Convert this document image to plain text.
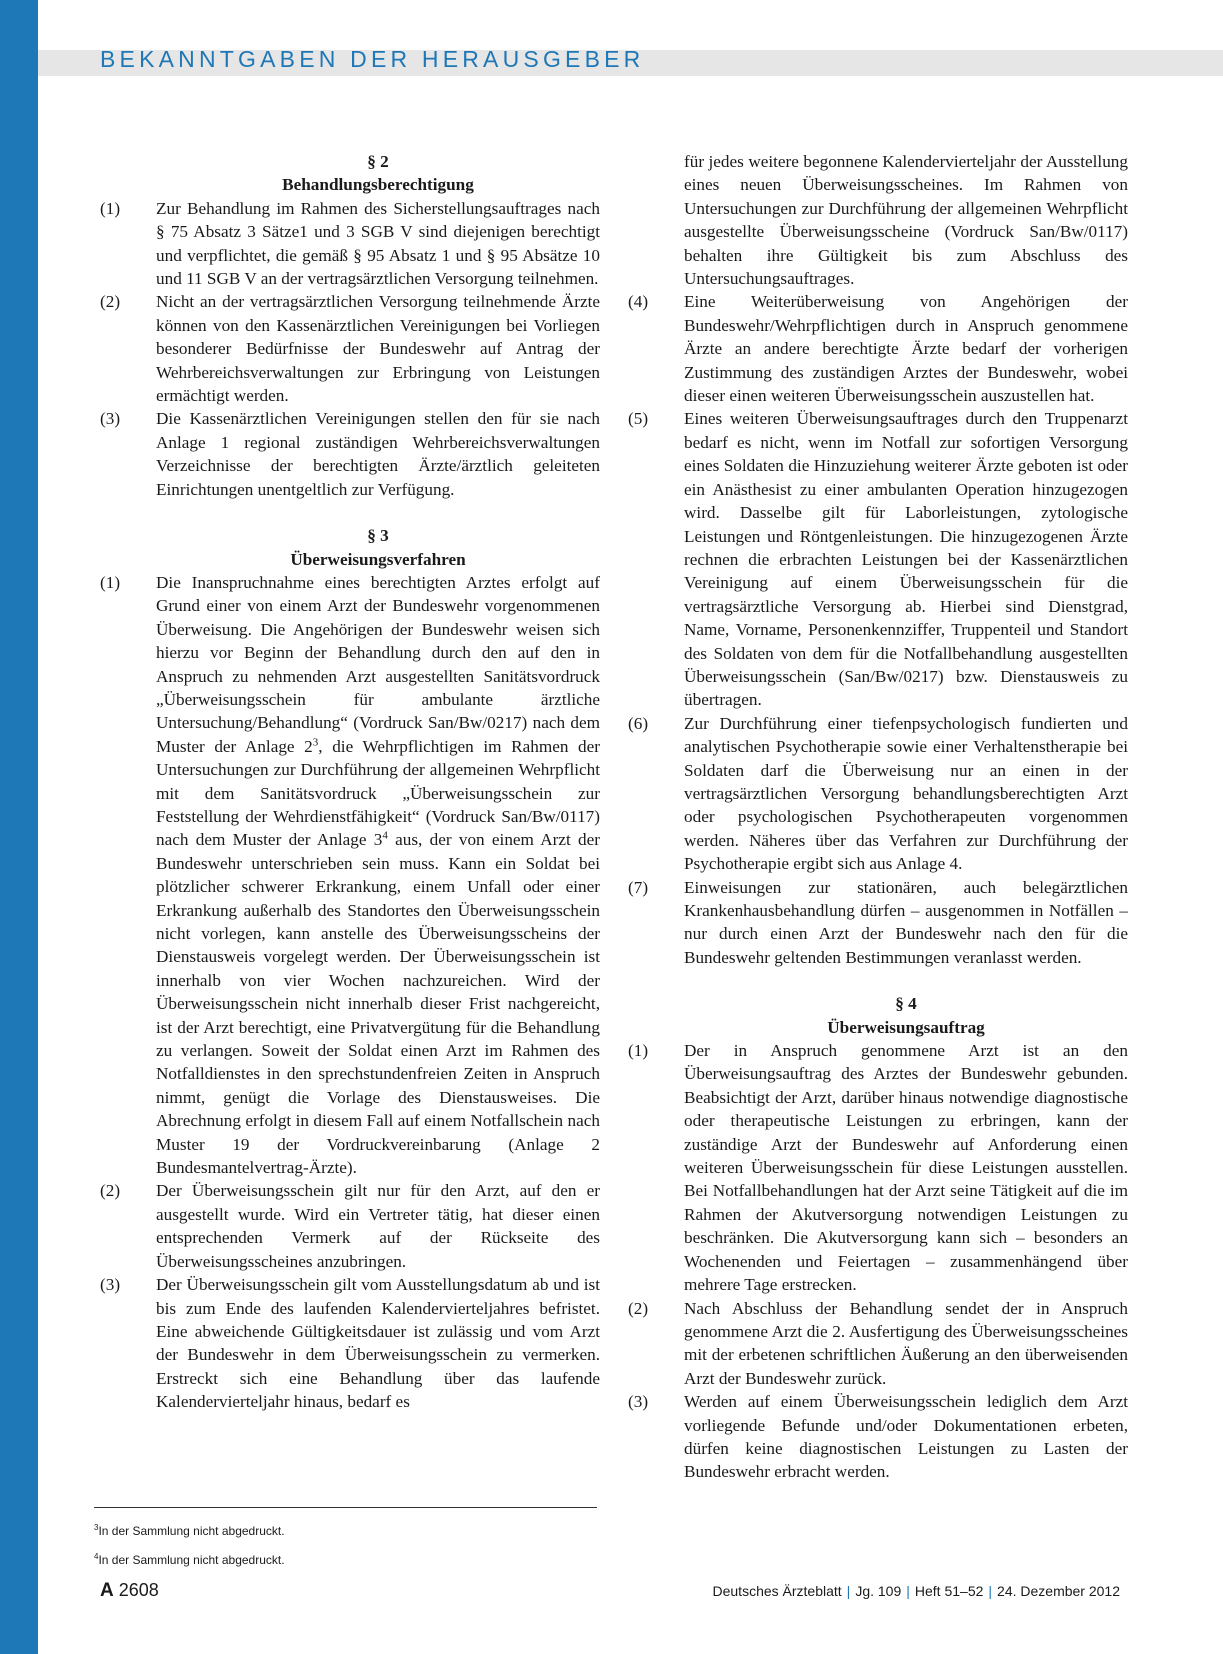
BEKANNTGABEN DER HERAUSGEBER
§ 2
Behandlungsberechtigung
(1)	Zur Behandlung im Rahmen des Sicherstellungsauftrages nach § 75 Absatz 3 Sätze1 und 3 SGB V sind diejenigen berechtigt und verpflichtet, die gemäß § 95 Absatz 1 und § 95 Absätze 10 und 11 SGB V an der vertragsärztlichen Versorgung teilnehmen.
(2)	Nicht an der vertragsärztlichen Versorgung teilnehmende Ärzte können von den Kassenärztlichen Vereinigungen bei Vorliegen besonderer Bedürfnisse der Bundeswehr auf Antrag der Wehrbereichsverwaltungen zur Erbringung von Leistungen ermächtigt werden.
(3)	Die Kassenärztlichen Vereinigungen stellen den für sie nach Anlage 1 regional zuständigen Wehrbereichsverwaltungen Verzeichnisse der berechtigten Ärzte/ärztlich geleiteten Einrichtungen unentgeltlich zur Verfügung.
§ 3
Überweisungsverfahren
(1)	Die Inanspruchnahme eines berechtigten Arztes erfolgt auf Grund einer von einem Arzt der Bundeswehr vorgenommenen Überweisung. Die Angehörigen der Bundeswehr weisen sich hierzu vor Beginn der Behandlung durch den auf den in Anspruch zu nehmenden Arzt ausgestellten Sanitätsvordruck „Überweisungsschein für ambulante ärztliche Untersuchung/Behandlung“ (Vordruck San/Bw/0217) nach dem Muster der Anlage $2^3$, die Wehrpflichtigen im Rahmen der Untersuchungen zur Durchführung der allgemeinen Wehrpflicht mit dem Sanitätsvordruck „Überweisungsschein zur Feststellung der Wehrdienstfähigkeit“ (Vordruck San/Bw/0117) nach dem Muster der Anlage $3^4$ aus, der von einem Arzt der Bundeswehr unterschrieben sein muss. Kann ein Soldat bei plötzlicher schwerer Erkrankung, einem Unfall oder einer Erkrankung außerhalb des Standortes den Überweisungsschein nicht vorlegen, kann anstelle des Überweisungsscheins der Dienstausweis vorgelegt werden. Der Überweisungsschein ist innerhalb von vier Wochen nachzureichen. Wird der Überweisungsschein nicht innerhalb dieser Frist nachgereicht, ist der Arzt berechtigt, eine Privatvergütung für die Behandlung zu verlangen. Soweit der Soldat einen Arzt im Rahmen des Notfalldienstes in den sprechstundenfreien Zeiten in Anspruch nimmt, genügt die Vorlage des Dienstausweises. Die Abrechnung erfolgt in diesem Fall auf einem Notfallschein nach Muster 19 der Vordruckvereinbarung (Anlage 2 Bundesmantelvertrag-Ärzte).
(2)	Der Überweisungsschein gilt nur für den Arzt, auf den er ausgestellt wurde. Wird ein Vertreter tätig, hat dieser einen entsprechenden Vermerk auf der Rückseite des Überweisungsscheines anzubringen.
(3)	Der Überweisungsschein gilt vom Ausstellungsdatum ab und ist bis zum Ende des laufenden Kalendervierteljahres befristet. Eine abweichende Gültigkeitsdauer ist zulässig und vom Arzt der Bundeswehr in dem Überweisungsschein zu vermerken. Erstreckt sich eine Behandlung über das laufende Kalendervierteljahr hinaus, bedarf es
für jedes weitere begonnene Kalendervierteljahr der Ausstellung eines neuen Überweisungsscheines. Im Rahmen von Untersuchungen zur Durchführung der allgemeinen Wehrpflicht ausgestellte Überweisungsscheine (Vordruck San/Bw/0117) behalten ihre Gültigkeit bis zum Abschluss des Untersuchungsauftrages.
(4)	Eine Weiterüberweisung von Angehörigen der Bundeswehr/Wehrpflichtigen durch in Anspruch genommene Ärzte an andere berechtigte Ärzte bedarf der vorherigen Zustimmung des zuständigen Arztes der Bundeswehr, wobei dieser einen weiteren Überweisungsschein auszustellen hat.
(5)	Eines weiteren Überweisungsauftrages durch den Truppenarzt bedarf es nicht, wenn im Notfall zur sofortigen Versorgung eines Soldaten die Hinzuziehung weiterer Ärzte geboten ist oder ein Anästhesist zu einer ambulanten Operation hinzugezogen wird. Dasselbe gilt für Laborleistungen, zytologische Leistungen und Röntgenleistungen. Die hinzugezogenen Ärzte rechnen die erbrachten Leistungen bei der Kassenärztlichen Vereinigung auf einem Überweisungsschein für die vertragsärztliche Versorgung ab. Hierbei sind Dienstgrad, Name, Vorname, Personenkennziffer, Truppenteil und Standort des Soldaten von dem für die Notfallbehandlung ausgestellten Überweisungsschein (San/Bw/0217) bzw. Dienstausweis zu übertragen.
(6)	Zur Durchführung einer tiefenpsychologisch fundierten und analytischen Psychotherapie sowie einer Verhaltenstherapie bei Soldaten darf die Überweisung nur an einen in der vertragsärztlichen Versorgung behandlungsberechtigten Arzt oder psychologischen Psychotherapeuten vorgenommen werden. Näheres über das Verfahren zur Durchführung der Psychotherapie ergibt sich aus Anlage 4.
(7)	Einweisungen zur stationären, auch belegärztlichen Krankenhausbehandlung dürfen – ausgenommen in Notfällen – nur durch einen Arzt der Bundeswehr nach den für die Bundeswehr geltenden Bestimmungen veranlasst werden.
§ 4
Überweisungsauftrag
(1)	Der in Anspruch genommene Arzt ist an den Überweisungsauftrag des Arztes der Bundeswehr gebunden. Beabsichtigt der Arzt, darüber hinaus notwendige diagnostische oder therapeutische Leistungen zu erbringen, kann der zuständige Arzt der Bundeswehr auf Anforderung einen weiteren Überweisungsschein für diese Leistungen ausstellen. Bei Notfallbehandlungen hat der Arzt seine Tätigkeit auf die im Rahmen der Akutversorgung notwendigen Leistungen zu beschränken. Die Akutversorgung kann sich – besonders an Wochenenden und Feiertagen – zusammenhängend über mehrere Tage erstrecken.
(2)	Nach Abschluss der Behandlung sendet der in Anspruch genommene Arzt die 2. Ausfertigung des Überweisungsscheines mit der erbetenen schriftlichen Äußerung an den überweisenden Arzt der Bundeswehr zurück.
(3)	Werden auf einem Überweisungsschein lediglich dem Arzt vorliegende Befunde und/oder Dokumentationen erbeten, dürfen keine diagnostischen Leistungen zu Lasten der Bundeswehr erbracht werden.
$^3$In der Sammlung nicht abgedruckt.
$^4$In der Sammlung nicht abgedruckt.
A 2608	Deutsches Ärzteblatt | Jg. 109 | Heft 51–52 | 24. Dezember 2012
